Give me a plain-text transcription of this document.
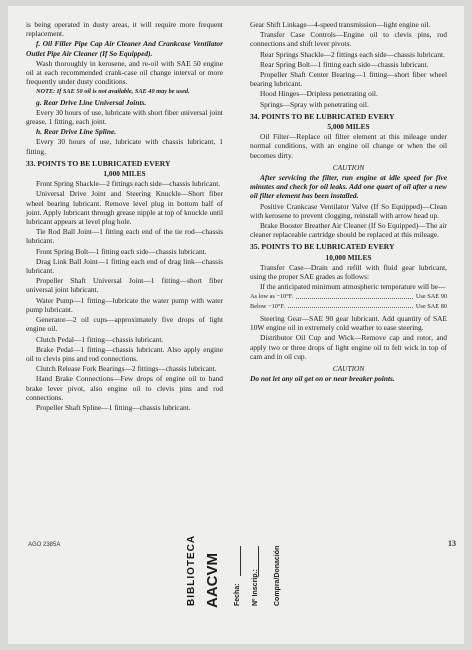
is being operated in dusty areas, it will require more frequent replacement.

f. Oil Filler Pipe Cap Air Cleaner And Crankcase Ventilator Outlet Pipe Air Cleaner (If So Equipped).

Wash thoroughly in kerosene, and re-oil with SAE 50 engine oil at each recommended crank-case oil change interval or more frequently under dusty conditions.

NOTE: If SAE 50 oil is not available, SAE 40 may be used.

g. Rear Drive Line Universal Joints.

Every 30 hours of use, lubricate with short fiber universal joint grease, 1 fitting, each joint.

h. Rear Drive Line Spline.

Every 30 hours of use, lubricate with chassis lubricant, 1 fitting.

33. POINTS TO BE LUBRICATED EVERY
1,000 MILES

Front Spring Shackle—2 fittings each side—chassis lubricant.

Universal Drive Joint and Steering Knuckle—Short fiber wheel bearing lubricant. Remove level plug in bottom half of joint. Apply lubricant through grease nipple at top of knuckle until lubricant appears at level plug hole.

Tie Rod Ball Joint—1 fitting each end of the tie rod—chassis lubricant.

Front Spring Bolt—1 fitting each side—chassis lubricant.

Drag Link Ball Joint—1 fitting each end of drag link—chassis lubricant.

Propeller Shaft Universal Joint—1 fitting—short fiber universal joint lubricant.

Water Pump—1 fitting—lubricate the water pump with water pump lubricant.

Generator—2 oil cups—approximately five drops of light engine oil.

Clutch Pedal—1 fitting—chassis lubricant.

Brake Pedal—1 fitting—chassis lubricant. Also apply engine oil to clevis pins and rod connections.

Clutch Release Fork Bearings—2 fittings—chassis lubricant.

Hand Brake Connections—Few drops of engine oil to hand brake lever pivot, also engine oil to clevis pins and rod connections.

Propeller Shaft Spline—1 fitting—chassis lubricant.

Gear Shift Linkage—4-speed transmission—light engine oil.

Transfer Case Controls—Engine oil to clevis pins, rod connections and shift lever pivots.

Rear Springs Shackle—2 fittings each side—chassis lubricant.

Rear Spring Bolt—1 fitting each side—chassis lubricant.

Propeller Shaft Center Bearing—1 fitting—short fiber wheel bearing lubricant.

Hood Hinges—Dripless penetrating oil.

Springs—Spray with penetrating oil.

34. POINTS TO BE LUBRICATED EVERY
5,000 MILES

Oil Filter—Replace oil filter element at this mileage under normal conditions, with an engine oil change or when the oil becomes dirty.

CAUTION

After servicing the filter, run engine at idle speed for five minutes and check for oil leaks. Add one quart of oil after a new oil filter element has been installed.

Positive Crankcase Ventilator Valve (If So Equipped)—Clean with kerosene to prevent clogging, reinstall with arrow head up.

Brake Booster Breather Air Cleaner (If So Equipped)—The air cleaner replaceable cartridge should be replaced at this mileage.

35. POINTS TO BE LUBRICATED EVERY
10,000 MILES

Transfer Case—Drain and refill with fluid gear lubricant, using the proper SAE grades as follows:

If the anticipated minimum atmospheric temperature will be—

As low as −10°F.	Use SAE 90
Below −10°F.	Use SAE 80

Steering Gear—SAE 90 gear lubricant. Add quantity of SAE 10W engine oil in extremely cold weather to ease steering.

Distributor Oil Cup and Wick—Remove cap and rotor, and apply two or three drops of light engine oil to felt wick in top of cam and in oil cup.

CAUTION

Do not let any oil get on or near breaker points.

AGO 2385A	13
BIBLIOTECA AACVM Fecha: Nº Inscrip.: Compra/Donación
